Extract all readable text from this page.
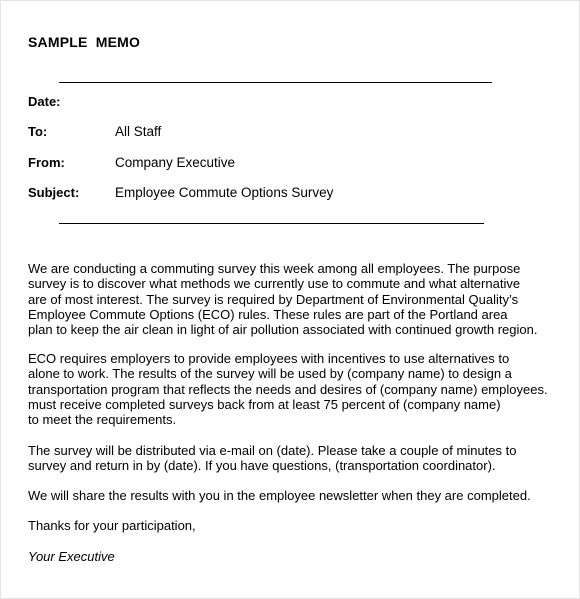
SAMPLE  MEMO
Date:
To:	All Staff
From:	Company Executive
Subject:	Employee Commute Options Survey
We are conducting a commuting survey this week among all employees. The purpose
survey is to discover what methods we currently use to commute and what alternative
are of most interest. The survey is required by Department of Environmental Quality’s
Employee Commute Options (ECO) rules. These rules are part of the Portland area
plan to keep the air clean in light of air pollution associated with continued growth region.
ECO requires employers to provide employees with incentives to use alternatives to
alone to work. The results of the survey will be used by (company name) to design a
transportation program that reflects the needs and desires of (company name) employees.
must receive completed surveys back from at least 75 percent of (company name)
to meet the requirements.
The survey will be distributed via e-mail on (date). Please take a couple of minutes to
survey and return in by (date). If you have questions, (transportation coordinator).
We will share the results with you in the employee newsletter when they are completed.
Thanks for your participation,
Your Executive
